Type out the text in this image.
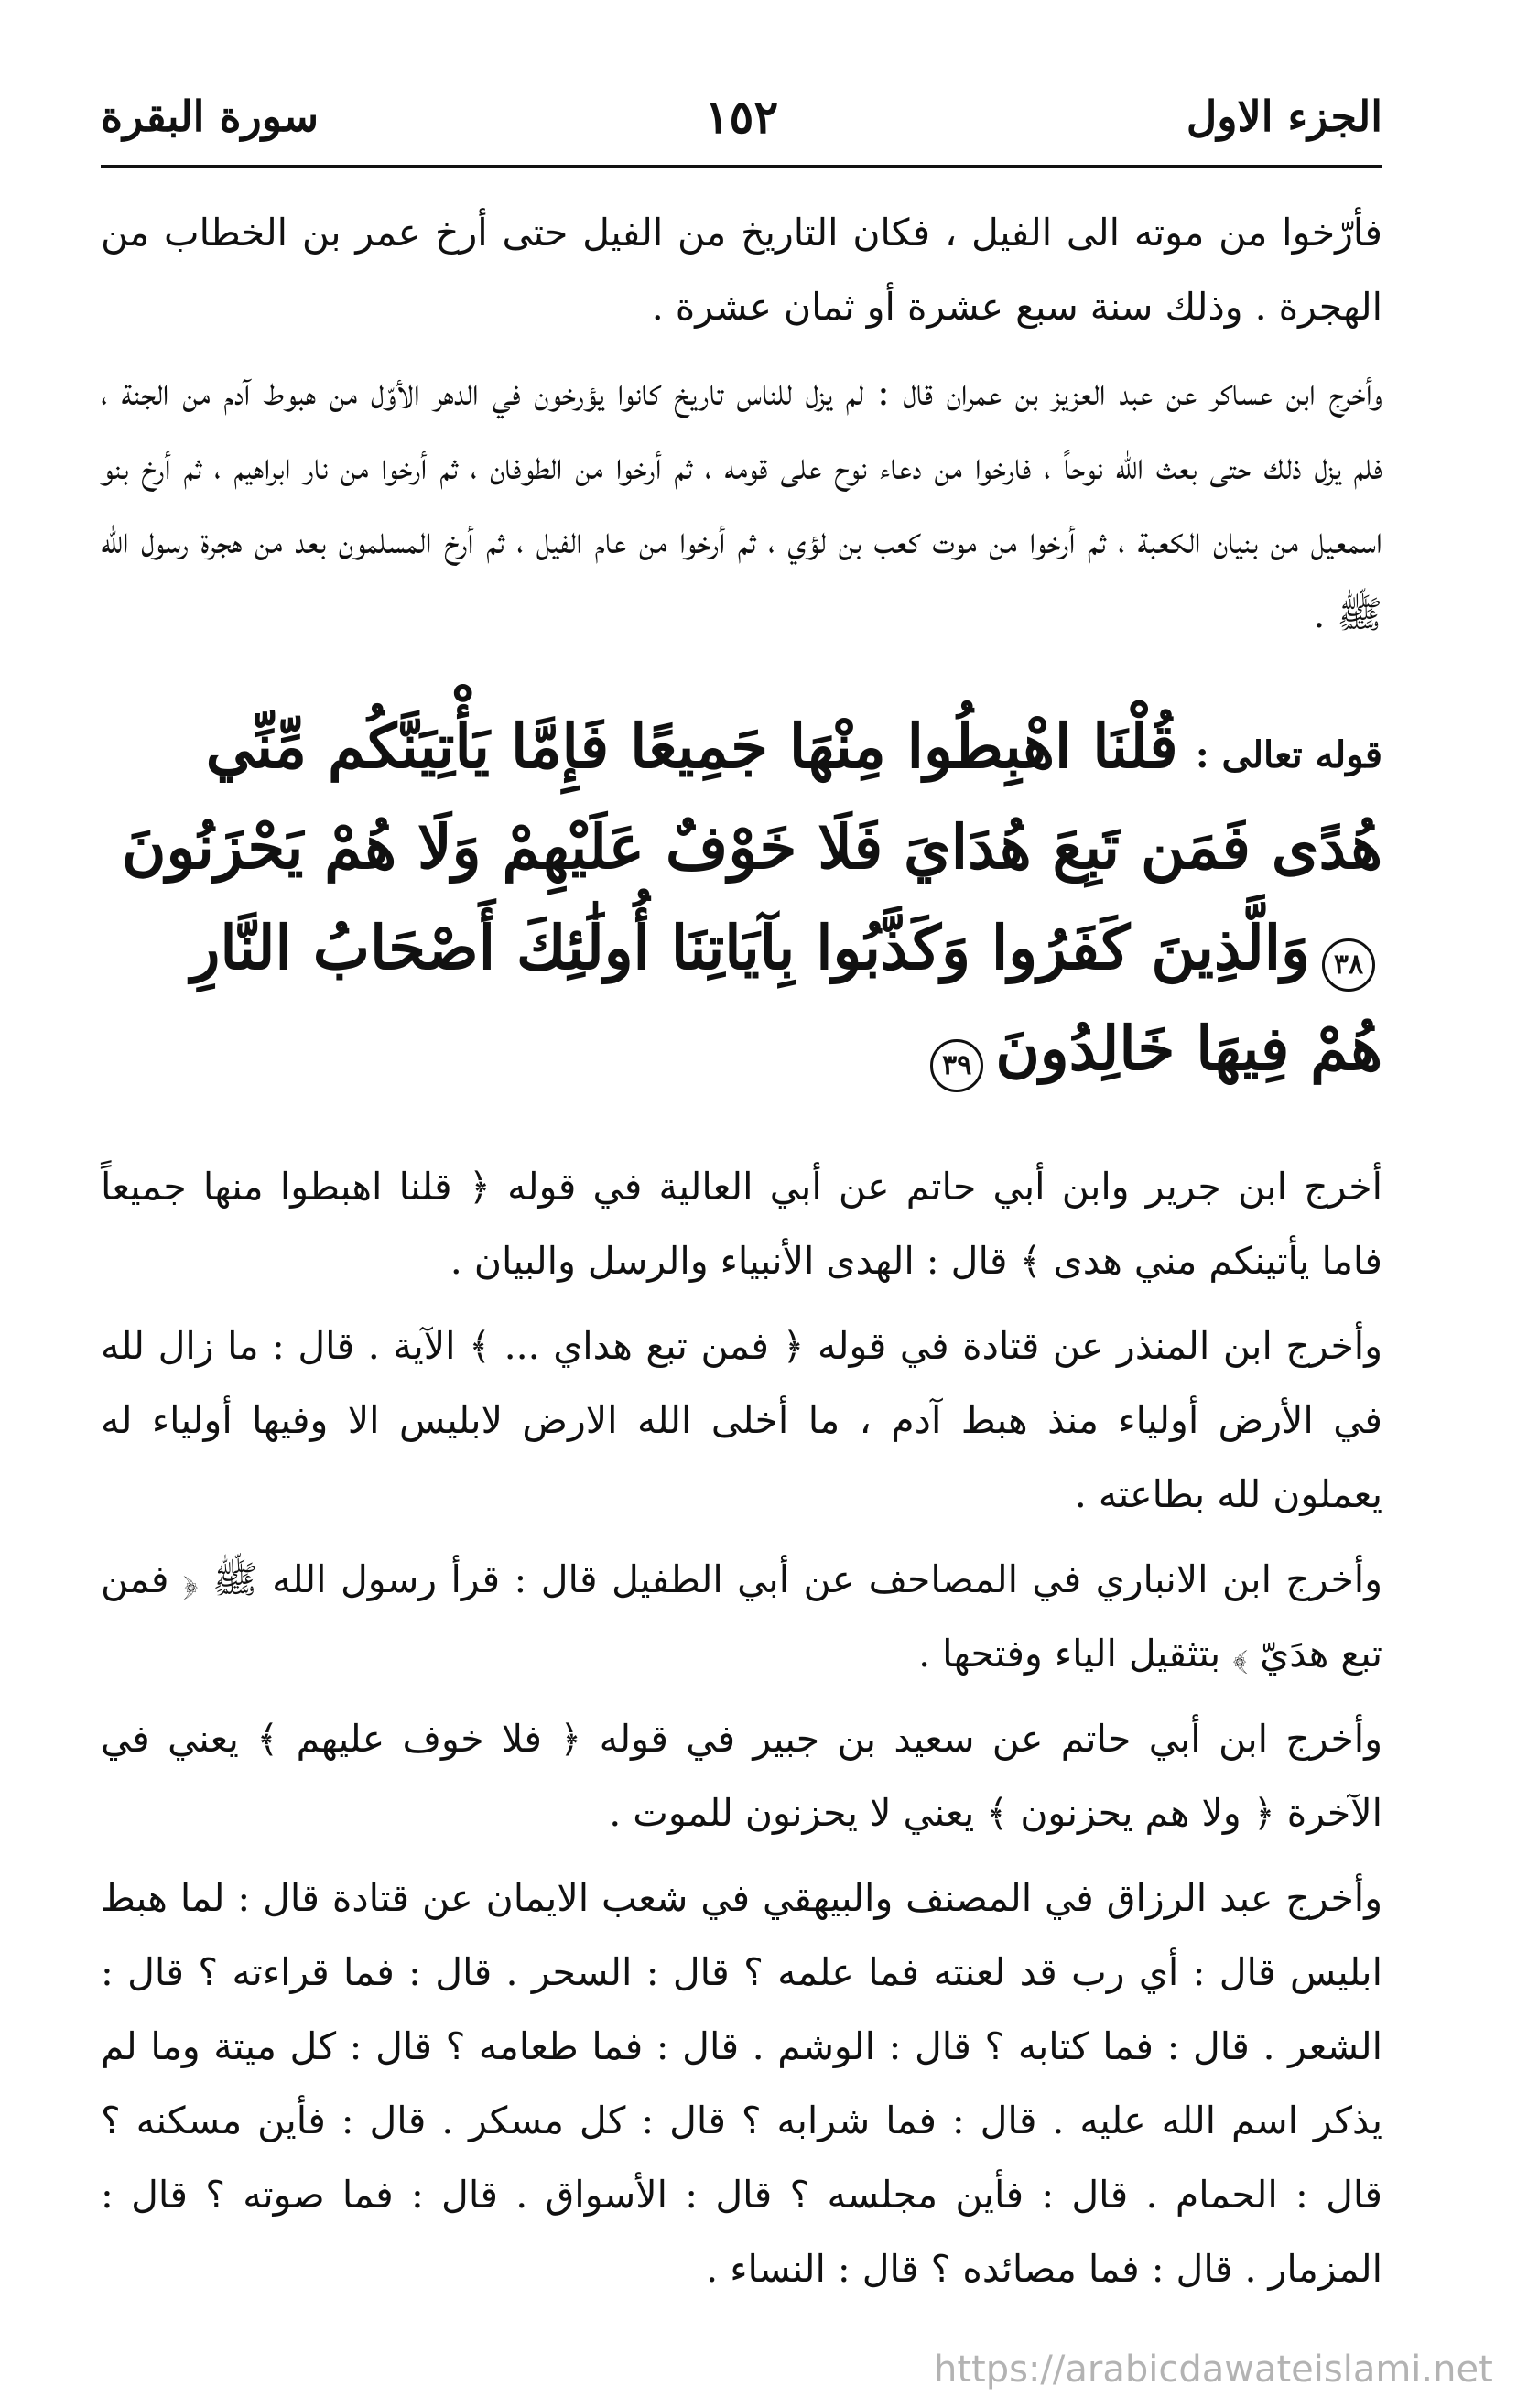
الجزء الاول
١٥٢
سورة البقرة

فأرّخوا من موته الى الفيل ، فكان التاريخ من الفيل حتى أرخ عمر بن الخطاب من الهجرة . وذلك سنة سبع عشرة أو ثمان عشرة .

وأخرج ابن عساكر عن عبد العزيز بن عمران قال : لم يزل للناس تاريخ كانوا يؤرخون في الدهر الأوّل من هبوط آدم من الجنة ، فلم يزل ذلك حتى بعث الله نوحاً ، فارخوا من دعاء نوح على قومه ، ثم أرخوا من الطوفان ، ثم أرخوا من نار ابراهيم ، ثم أرخ بنو اسمعيل من بنيان الكعبة ، ثم أرخوا من موت كعب بن لؤي ، ثم أرخوا من عام الفيل ، ثم أرخ المسلمون بعد من هجرة رسول الله ﷺ .

قوله تعالى : قُلْنَا اهْبِطُوا مِنْهَا جَمِيعًا فَإِمَّا يَأْتِيَنَّكُم مِّنِّي هُدًى فَمَن تَبِعَ هُدَايَ فَلَا خَوْفٌ عَلَيْهِمْ وَلَا هُمْ يَحْزَنُونَ ٣٨ وَالَّذِينَ كَفَرُوا وَكَذَّبُوا بِآيَاتِنَا أُولَٰئِكَ أَصْحَابُ النَّارِ هُمْ فِيهَا خَالِدُونَ ٣٩

أخرج ابن جرير وابن أبي حاتم عن أبي العالية في قوله ﴿ قلنا اهبطوا منها جميعاً فاما يأتينكم مني هدى ﴾ قال : الهدى الأنبياء والرسل والبيان .

وأخرج ابن المنذر عن قتادة في قوله ﴿ فمن تبع هداي ... ﴾ الآية . قال : ما زال لله في الأرض أولياء منذ هبط آدم ، ما أخلى الله الارض لابليس الا وفيها أولياء له يعملون لله بطاعته .

وأخرج ابن الانباري في المصاحف عن أبي الطفيل قال : قرأ رسول الله ﷺ ﴿ فمن تبع هدَيّ ﴾ بتثقيل الياء وفتحها .

وأخرج ابن أبي حاتم عن سعيد بن جبير في قوله ﴿ فلا خوف عليهم ﴾ يعني في الآخرة ﴿ ولا هم يحزنون ﴾ يعني لا يحزنون للموت .

وأخرج عبد الرزاق في المصنف والبيهقي في شعب الايمان عن قتادة قال : لما هبط ابليس قال : أي رب قد لعنته فما علمه ؟ قال : السحر . قال : فما قراءته ؟ قال : الشعر . قال : فما كتابه ؟ قال : الوشم . قال : فما طعامه ؟ قال : كل ميتة وما لم يذكر اسم الله عليه . قال : فما شرابه ؟ قال : كل مسكر . قال : فأين مسكنه ؟ قال : الحمام . قال : فأين مجلسه ؟ قال : الأسواق . قال : فما صوته ؟ قال : المزمار . قال : فما مصائده ؟ قال : النساء .

https://arabicdawateislami.net
